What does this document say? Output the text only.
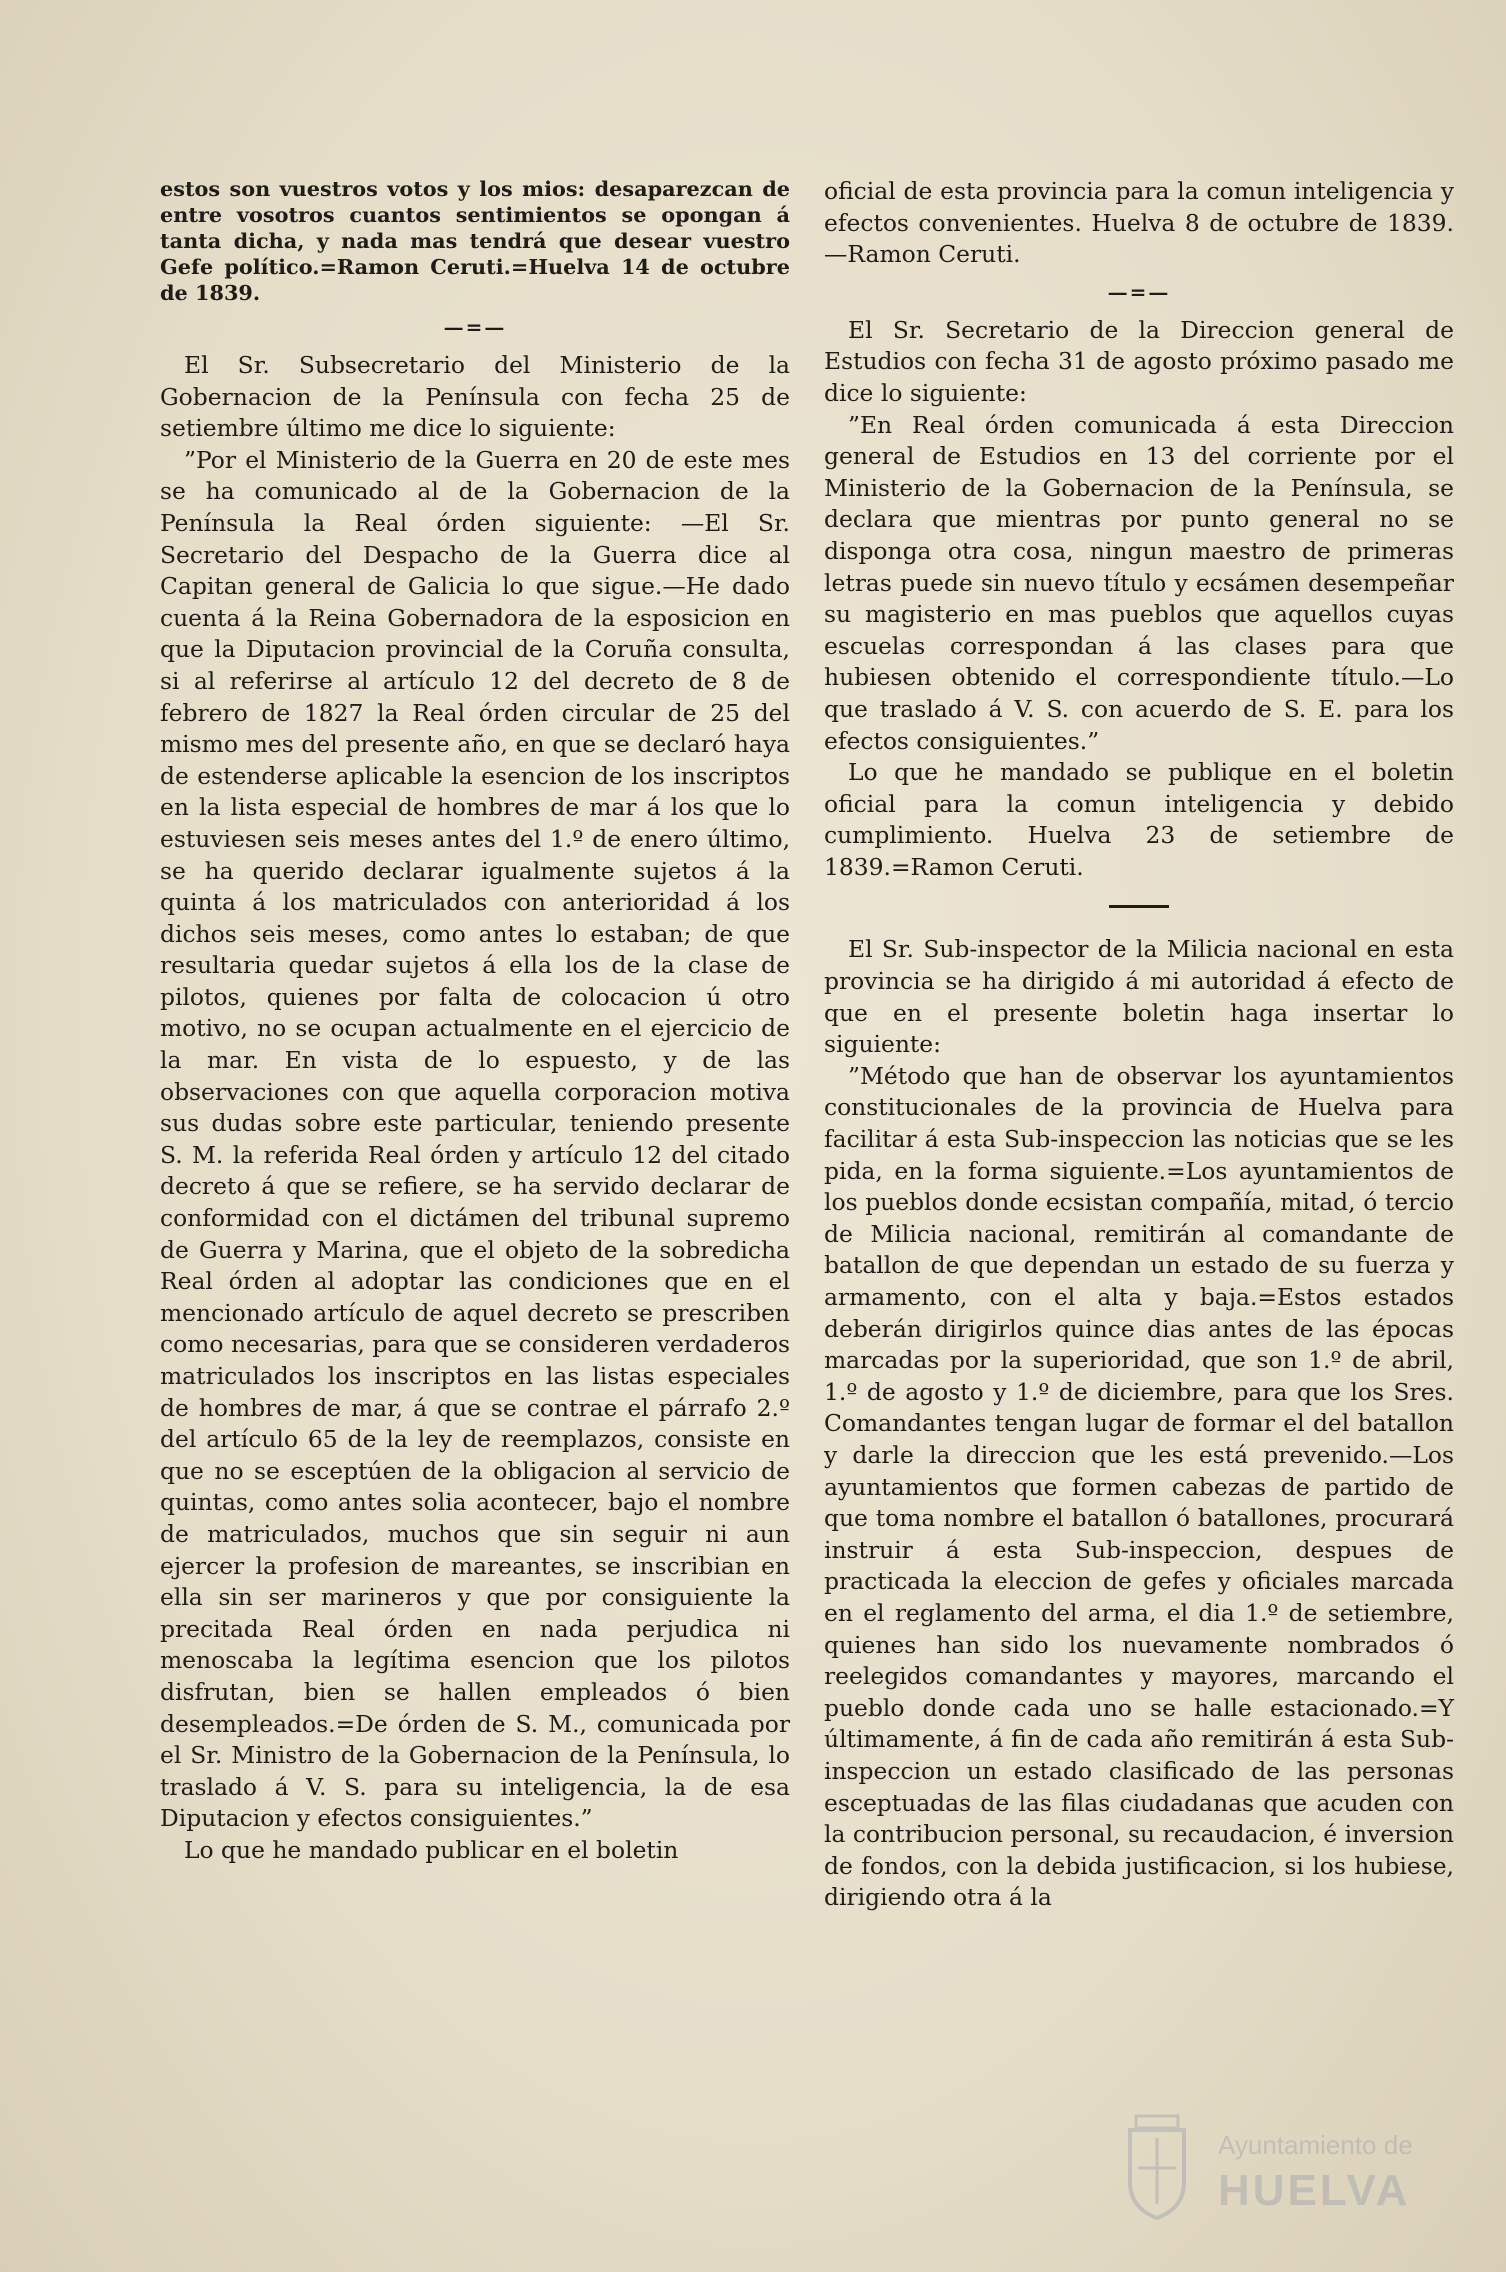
estos son vuestros votos y los mios: desaparezcan de entre vosotros cuantos sentimientos se opongan á tanta dicha, y nada mas tendrá que desear vuestro Gefe político.=Ramon Ceruti.=Huelva 14 de octubre de 1839.

—=—

El Sr. Subsecretario del Ministerio de la Gobernacion de la Península con fecha 25 de setiembre último me dice lo siguiente:

”Por el Ministerio de la Guerra en 20 de este mes se ha comunicado al de la Gobernacion de la Península la Real órden siguiente: —El Sr. Secretario del Despacho de la Guerra dice al Capitan general de Galicia lo que sigue.—He dado cuenta á la Reina Gobernadora de la esposicion en que la Diputacion provincial de la Coruña consulta, si al referirse al artículo 12 del decreto de 8 de febrero de 1827 la Real órden circular de 25 del mismo mes del presente año, en que se declaró haya de estenderse aplicable la esencion de los inscriptos en la lista especial de hombres de mar á los que lo estuviesen seis meses antes del 1.º de enero último, se ha querido declarar igualmente sujetos á la quinta á los matriculados con anterioridad á los dichos seis meses, como antes lo estaban; de que resultaria quedar sujetos á ella los de la clase de pilotos, quienes por falta de colocacion ú otro motivo, no se ocupan actualmente en el ejercicio de la mar. En vista de lo espuesto, y de las observaciones con que aquella corporacion motiva sus dudas sobre este particular, teniendo presente S. M. la referida Real órden y artículo 12 del citado decreto á que se refiere, se ha servido declarar de conformidad con el dictámen del tribunal supremo de Guerra y Marina, que el objeto de la sobredicha Real órden al adoptar las condiciones que en el mencionado artículo de aquel decreto se prescriben como necesarias, para que se consideren verdaderos matriculados los inscriptos en las listas especiales de hombres de mar, á que se contrae el párrafo 2.º del artículo 65 de la ley de reemplazos, consiste en que no se esceptúen de la obligacion al servicio de quintas, como antes solia acontecer, bajo el nombre de matriculados, muchos que sin seguir ni aun ejercer la profesion de mareantes, se inscribian en ella sin ser marineros y que por consiguiente la precitada Real órden en nada perjudica ni menoscaba la legítima esencion que los pilotos disfrutan, bien se hallen empleados ó bien desempleados.=De órden de S. M., comunicada por el Sr. Ministro de la Gobernacion de la Península, lo traslado á V. S. para su inteligencia, la de esa Diputacion y efectos consiguientes.”

Lo que he mandado publicar en el boletin

oficial de esta provincia para la comun inteligencia y efectos convenientes. Huelva 8 de octubre de 1839.—Ramon Ceruti.

—=—

El Sr. Secretario de la Direccion general de Estudios con fecha 31 de agosto próximo pasado me dice lo siguiente:

”En Real órden comunicada á esta Direccion general de Estudios en 13 del corriente por el Ministerio de la Gobernacion de la Península, se declara que mientras por punto general no se disponga otra cosa, ningun maestro de primeras letras puede sin nuevo título y ecsámen desempeñar su magisterio en mas pueblos que aquellos cuyas escuelas correspondan á las clases para que hubiesen obtenido el correspondiente título.—Lo que traslado á V. S. con acuerdo de S. E. para los efectos consiguientes.”

Lo que he mandado se publique en el boletin oficial para la comun inteligencia y debido cumplimiento. Huelva 23 de setiembre de 1839.=Ramon Ceruti.

El Sr. Sub-inspector de la Milicia nacional en esta provincia se ha dirigido á mi autoridad á efecto de que en el presente boletin haga insertar lo siguiente:

”Método que han de observar los ayuntamientos constitucionales de la provincia de Huelva para facilitar á esta Sub-inspeccion las noticias que se les pida, en la forma siguiente.=Los ayuntamientos de los pueblos donde ecsistan compañía, mitad, ó tercio de Milicia nacional, remitirán al comandante de batallon de que dependan un estado de su fuerza y armamento, con el alta y baja.=Estos estados deberán dirigirlos quince dias antes de las épocas marcadas por la superioridad, que son 1.º de abril, 1.º de agosto y 1.º de diciembre, para que los Sres. Comandantes tengan lugar de formar el del batallon y darle la direccion que les está prevenido.—Los ayuntamientos que formen cabezas de partido de que toma nombre el batallon ó batallones, procurará instruir á esta Sub-inspeccion, despues de practicada la eleccion de gefes y oficiales marcada en el reglamento del arma, el dia 1.º de setiembre, quienes han sido los nuevamente nombrados ó reelegidos comandantes y mayores, marcando el pueblo donde cada uno se halle estacionado.=Y últimamente, á fin de cada año remitirán á esta Sub-inspeccion un estado clasificado de las personas esceptuadas de las filas ciudadanas que acuden con la contribucion personal, su recaudacion, é inversion de fondos, con la debida justificacion, si los hubiese, dirigiendo otra á la

Ayuntamiento de
HUELVA
